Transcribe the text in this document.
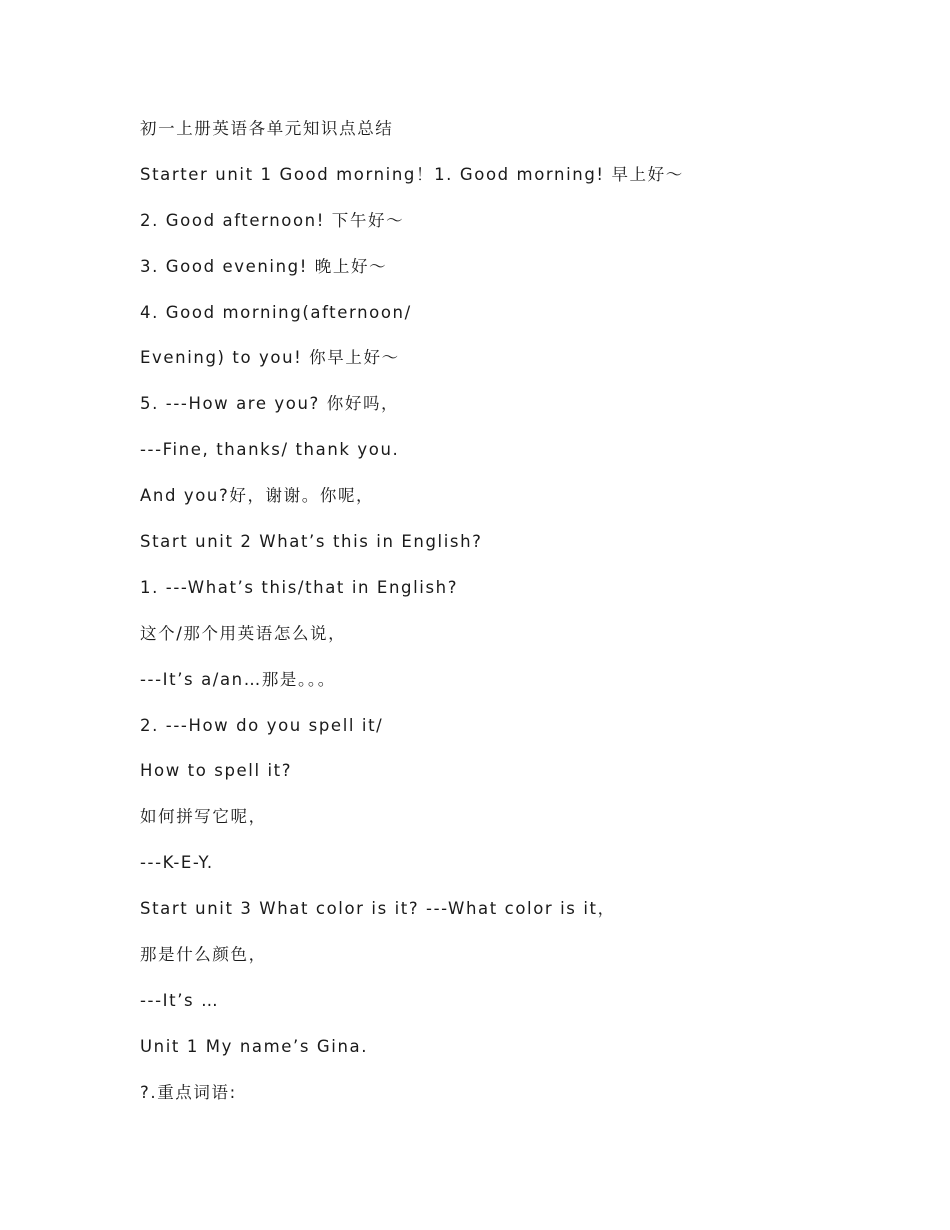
初一上册英语各单元知识点总结
Starter unit 1 Good morning！1. Good morning! 早上好～
2. Good afternoon! 下午好～
3. Good evening! 晚上好～
4. Good morning(afternoon/
Evening) to you! 你早上好～
5. ---How are you? 你好吗，
---Fine, thanks/ thank you.
And you?好，谢谢。你呢，
Start unit 2 What’s this in English?
1. ---What’s this/that in English?
这个/那个用英语怎么说，
---It’s a/an…那是。。。
2. ---How do you spell it/
How to spell it?
如何拼写它呢，
---K-E-Y.
Start unit 3 What color is it? ---What color is it，
那是什么颜色，
---It’s …
Unit 1 My name’s Gina.
?.重点词语:
